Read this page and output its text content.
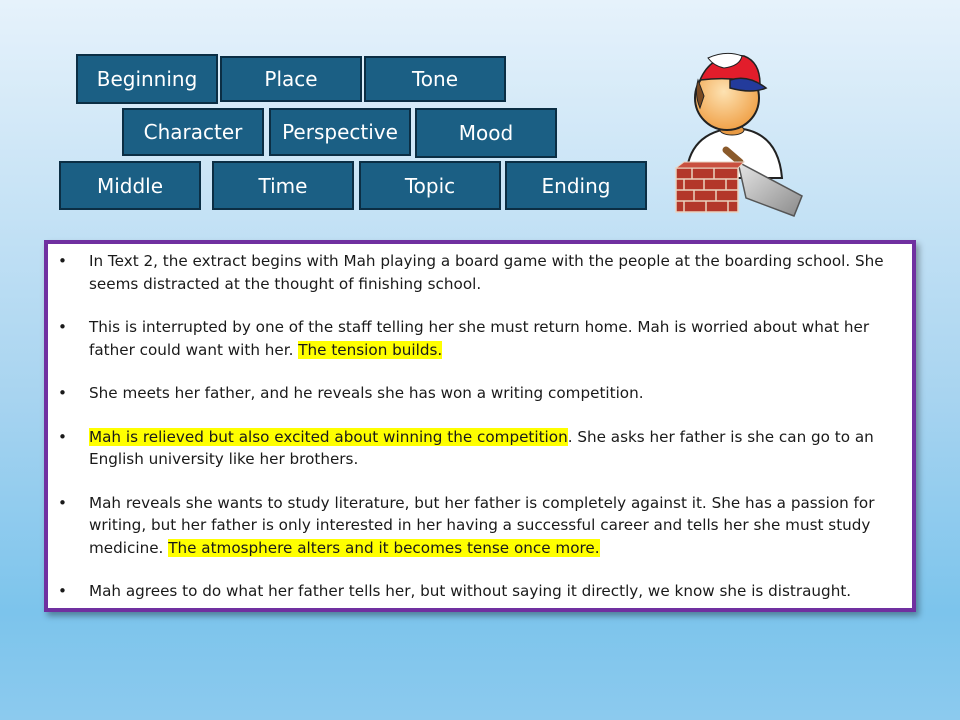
Beginning	Place	Tone
Character	Perspective	Mood
Middle	Time	Topic	Ending
•	In Text 2, the extract begins with Mah playing a board game with the people at the boarding school. She seems distracted at the thought of finishing school.
•	This is interrupted by one of the staff telling her she must return home. Mah is worried about what her father could want with her. The tension builds.
•	She meets her father, and he reveals she has won a writing competition.
•	Mah is relieved but also excited about winning the competition. She asks her father is she can go to an English university like her brothers.
•	Mah reveals she wants to study literature, but her father is completely against it. She has a passion for writing, but her father is only interested in her having a successful career and tells her she must study medicine. The atmosphere alters and it becomes tense once more.
•	Mah agrees to do what her father tells her, but without saying it directly, we know she is distraught.
